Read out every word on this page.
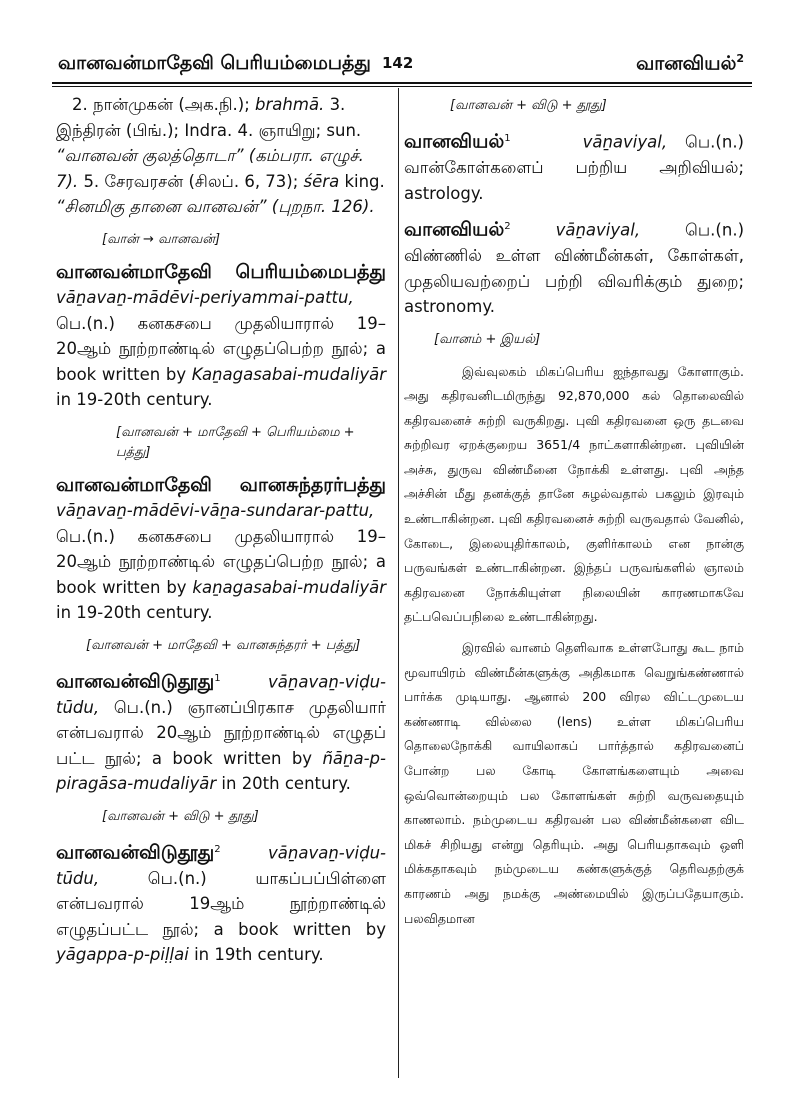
வானவன்மாதேவி பெரியம்மைபத்து 142	வானவியல்$^2$

2. நான்முகன் (அக.நி.); brahmā. 3. இந்திரன் (பிங்.); Indra. 4. ஞாயிறு; sun. “வானவன் குலத்தொடா” (கம்பரா. எழுச். 7). 5. சேரவரசன் (சிலப். 6, 73); śēra king. “சினமிகு தானை வானவன்” (புறநா. 126).

[வான் → வானவன்]

வானவன்மாதேவி பெரியம்மைபத்து vāṉavaṉ-mādēvi-periyammai-pattu, பெ.(n.) கனகசபை முதலியாரால் 19–20ஆம் நூற்றாண்டில் எழுதப்பெற்ற நூல்; a book written by Kaṉagasabai-mudaliyār in 19-20th century.

[வானவன் + மாதேவி + பெரியம்மை + பத்து]

வானவன்மாதேவி வானசுந்தரர்பத்து vāṉavaṉ-mādēvi-vāṉa-sundarar-pattu, பெ.(n.) கனகசபை முதலியாரால் 19–20ஆம் நூற்றாண்டில் எழுதப்பெற்ற நூல்; a book written by kaṉagasabai-mudaliyār in 19-20th century.

[வானவன் + மாதேவி + வானசுந்தரர் + பத்து]

வானவன்விடுதூது$^1$ vāṉavaṉ-viḍu-tūdu, பெ.(n.) ஞானப்பிரகாச முதலியார் என்பவரால் 20ஆம் நூற்றாண்டில் எழுதப் பட்ட நூல்; a book written by ñāṉa-p-piragāsa-mudaliyār in 20th century.

[வானவன் + விடு + தூது]

வானவன்விடுதூது$^2$ vāṉavaṉ-viḍu-tūdu, பெ.(n.) யாகப்பப்பிள்ளை என்பவரால் 19ஆம் நூற்றாண்டில் எழுதப்பட்ட நூல்; a book written by yāgappa-p-piḷḷai in 19th century.

[வானவன் + விடு + தூது]

வானவியல்$^1$	vāṉaviyal, பெ.(n.) வான்கோள்களைப் பற்றிய அறிவியல்; astrology.

வானவியல்$^2$ vāṉaviyal, பெ.(n.) விண்ணில் உள்ள விண்மீன்கள், கோள்கள், முதலியவற்றைப் பற்றி விவரிக்கும் துறை; astronomy.

[வானம் + இயல்]

இவ்வுலகம் மிகப்பெரிய ஐந்தாவது கோளாகும். அது கதிரவனிடமிருந்து 92,870,000 கல் தொலைவில் கதிரவனைச் சுற்றி வருகிறது. புவி கதிரவனை ஒரு தடவை சுற்றிவர ஏறக்குறைய 3651/4 நாட்களாகின்றன. புவியின் அச்சு, துருவ விண்மீனை நோக்கி உள்ளது. புவி அந்த அச்சின் மீது தனக்குத் தானே சுழல்வதால் பகலும் இரவும் உண்டாகின்றன. புவி கதிரவனைச் சுற்றி வருவதால் வேனில், கோடை, இலையுதிர்காலம், குளிர்காலம் என நான்கு பருவங்கள் உண்டாகின்றன. இந்தப் பருவங்களில் ஞாலம் கதிரவனை நோக்கியுள்ள நிலையின் காரணமாகவே தட்பவெப்பநிலை உண்டாகின்றது.

இரவில் வானம் தெளிவாக உள்ளபோது கூட நாம் மூவாயிரம் விண்மீன்களுக்கு அதிகமாக வெறுங்கண்ணால் பார்க்க முடியாது. ஆனால் 200 விரல விட்டமுடைய கண்ணாடி வில்லை (lens) உள்ள மிகப்பெரிய தொலைநோக்கி வாயிலாகப் பார்த்தால் கதிரவனைப் போன்ற பல கோடி கோளங்களையும் அவை ஒவ்வொன்றையும் பல கோளங்கள் சுற்றி வருவதையும் காணலாம். நம்முடைய கதிரவன் பல விண்மீன்களை விட மிகச் சிறியது என்று தெரியும். அது பெரியதாகவும் ஒளி மிக்கதாகவும் நம்முடைய கண்களுக்குத் தெரிவதற்குக் காரணம் அது நமக்கு அண்மையில் இருப்பதேயாகும். பலவிதமான
